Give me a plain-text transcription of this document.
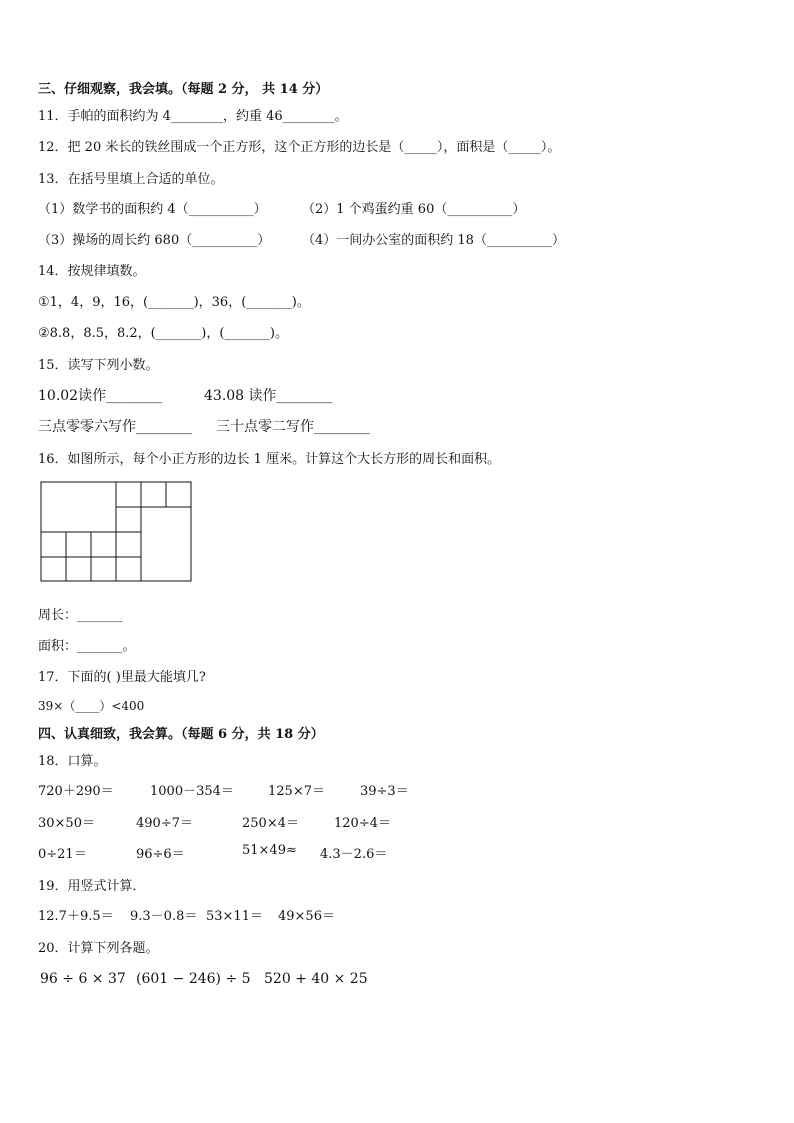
三、仔细观察，我会填。（每题 2 分， 共 14 分）
11．手帕的面积约为 4________，约重 46________。
12．把 20 米长的铁丝围成一个正方形，这个正方形的边长是（_____），面积是（_____）。
13．在括号里填上合适的单位。
（1）数学书的面积约 4（__________）	（2）1 个鸡蛋约重 60（__________）
（3）操场的周长约 680（__________） （4）一间办公室的面积约 18（__________）
14．按规律填数。
①1，4，9，16，(_______)，36，(_______)。
②8.8，8.5，8.2，(_______)，(_______)。
15．读写下列小数。
10.02读作________	43.08 读作________
三点零零六写作________ 三十点零二写作________
16．如图所示，每个小正方形的边长 1 厘米。计算这个大长方形的周长和面积。
周长：_______
面积：_______。
17．下面的( )里最大能填几?
39×（____）<400
四、认真细致，我会算。（每题 6 分，共 18 分）
18．口算。
720＋290＝	1000－354＝	125×7＝	39÷3＝
30×50＝	490÷7＝	250×4＝	120÷4＝
0÷21＝	96÷6＝	51×49≈ 4.3－2.6＝
19．用竖式计算．
12.7＋9.5＝ 9.3－0.8＝ 53×11＝ 49×56＝
20．计算下列各题。
96 ÷ 6 × 37 (601 − 246) ÷ 5 520 + 40 × 25
